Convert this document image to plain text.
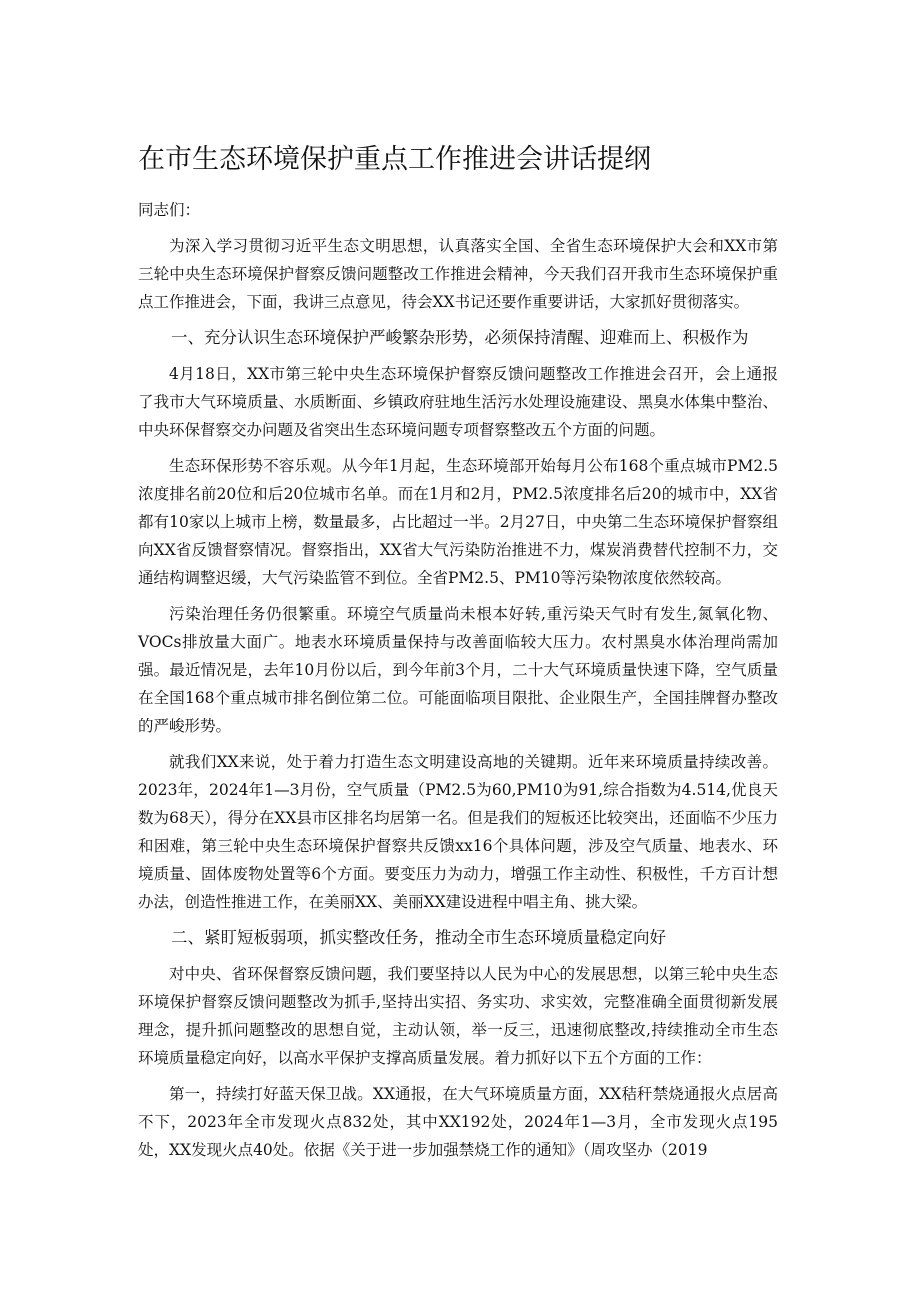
在市生态环境保护重点工作推进会讲话提纲

同志们：

为深入学习贯彻习近平生态文明思想，认真落实全国、全省生态环境保护大会和XX市第三轮中央生态环境保护督察反馈问题整改工作推进会精神，今天我们召开我市生态环境保护重点工作推进会，下面，我讲三点意见，待会XX书记还要作重要讲话，大家抓好贯彻落实。

一、充分认识生态环境保护严峻繁杂形势，必须保持清醒、迎难而上、积极作为

4月18日，XX市第三轮中央生态环境保护督察反馈问题整改工作推进会召开，会上通报了我市大气环境质量、水质断面、乡镇政府驻地生活污水处理设施建设、黑臭水体集中整治、中央环保督察交办问题及省突出生态环境问题专项督察整改五个方面的问题。

生态环保形势不容乐观。从今年1月起，生态环境部开始每月公布168个重点城市PM2.5浓度排名前20位和后20位城市名单。而在1月和2月，PM2.5浓度排名后20的城市中，XX省都有10家以上城市上榜，数量最多，占比超过一半。2月27日，中央第二生态环境保护督察组向XX省反馈督察情况。督察指出，XX省大气污染防治推进不力，煤炭消费替代控制不力，交通结构调整迟缓，大气污染监管不到位。全省PM2.5、PM10等污染物浓度依然较高。

污染治理任务仍很繁重。环境空气质量尚未根本好转,重污染天气时有发生,氮氧化物、VOCs排放量大面广。地表水环境质量保持与改善面临较大压力。农村黑臭水体治理尚需加强。最近情况是，去年10月份以后，到今年前3个月，二十大气环境质量快速下降，空气质量在全国168个重点城市排名倒位第二位。可能面临项目限批、企业限生产，全国挂牌督办整改的严峻形势。

就我们XX来说，处于着力打造生态文明建设高地的关键期。近年来环境质量持续改善。2023年，2024年1—3月份，空气质量（PM2.5为60,PM10为91,综合指数为4.514,优良天数为68天），得分在XX县市区排名均居第一名。但是我们的短板还比较突出，还面临不少压力和困难，第三轮中央生态环境保护督察共反馈xx16个具体问题，涉及空气质量、地表水、环境质量、固体废物处置等6个方面。要变压力为动力，增强工作主动性、积极性，千方百计想办法，创造性推进工作，在美丽XX、美丽XX建设进程中唱主角、挑大梁。

二、紧盯短板弱项，抓实整改任务，推动全市生态环境质量稳定向好

对中央、省环保督察反馈问题，我们要坚持以人民为中心的发展思想，以第三轮中央生态环境保护督察反馈问题整改为抓手,坚持出实招、务实功、求实效，完整准确全面贯彻新发展理念，提升抓问题整改的思想自觉，主动认领，举一反三，迅速彻底整改,持续推动全市生态环境质量稳定向好，以高水平保护支撑高质量发展。着力抓好以下五个方面的工作：

第一，持续打好蓝天保卫战。XX通报，在大气环境质量方面，XX秸秆禁烧通报火点居高不下，2023年全市发现火点832处，其中XX192处，2024年1—3月，全市发现火点195处，XX发现火点40处。依据《关于进一步加强禁烧工作的通知》（周攻坚办（2019
